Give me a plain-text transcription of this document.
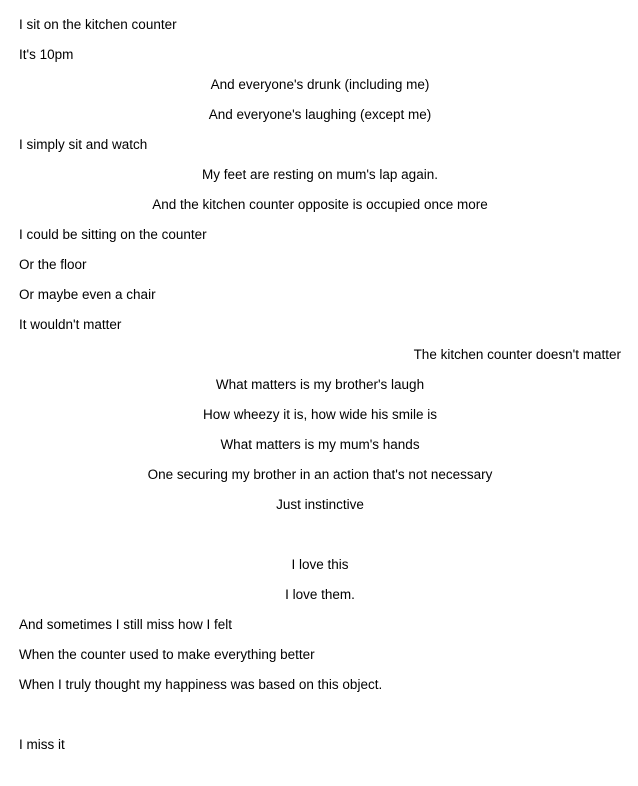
I sit on the kitchen counter
It's 10pm
And everyone's drunk (including me)
And everyone's laughing (except me)
I simply sit and watch
My feet are resting on mum's lap again.
And the kitchen counter opposite is occupied once more
I could be sitting on the counter
Or the floor
Or maybe even a chair
It wouldn't matter
The kitchen counter doesn't matter
What matters is my brother's laugh
How wheezy it is, how wide his smile is
What matters is my mum's hands
One securing my brother in an action that's not necessary
Just instinctive
I love this
I love them.
And sometimes I still miss how I felt
When the counter used to make everything better
When I truly thought my happiness was based on this object.
I miss it
